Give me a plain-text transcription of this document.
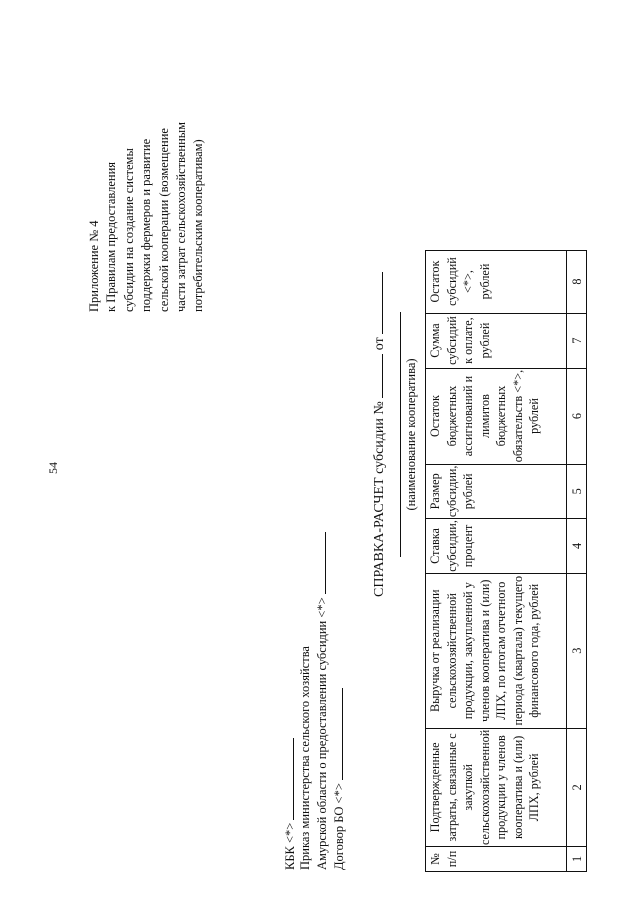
54
Приложение № 4 к Правилам предоставления субсидии на создание системы поддержки фермеров и развитие сельской кооперации (возмещение части затрат сельскохозяйственным потребительским кооперативам)
КБК <*> Приказ министерства сельского хозяйства Амурской области о предоставлении субсидии <*> Договор БО <*>
СПРАВКА-РАСЧЕТ субсидии №  от
(наименование кооператива)
№ п/п	Подтвержденные затраты, связанные с закупкой сельскохозяйственной продукции у членов кооператива и (или) ЛПХ, рублей	Выручка от реализации сельскохозяйственной продукции, закупленной у членов кооператива и (или) ЛПХ, по итогам отчетного периода (квартала) текущего финансового года, рублей	Ставка субсидии, процент	Размер субсидии, рублей	Остаток бюджетных ассигнований и лимитов бюджетных обязательств <*>, рублей	Сумма субсидий к оплате, рублей	Остаток субсидий <*>, рублей
1	2	3	4	5	6	7	8
